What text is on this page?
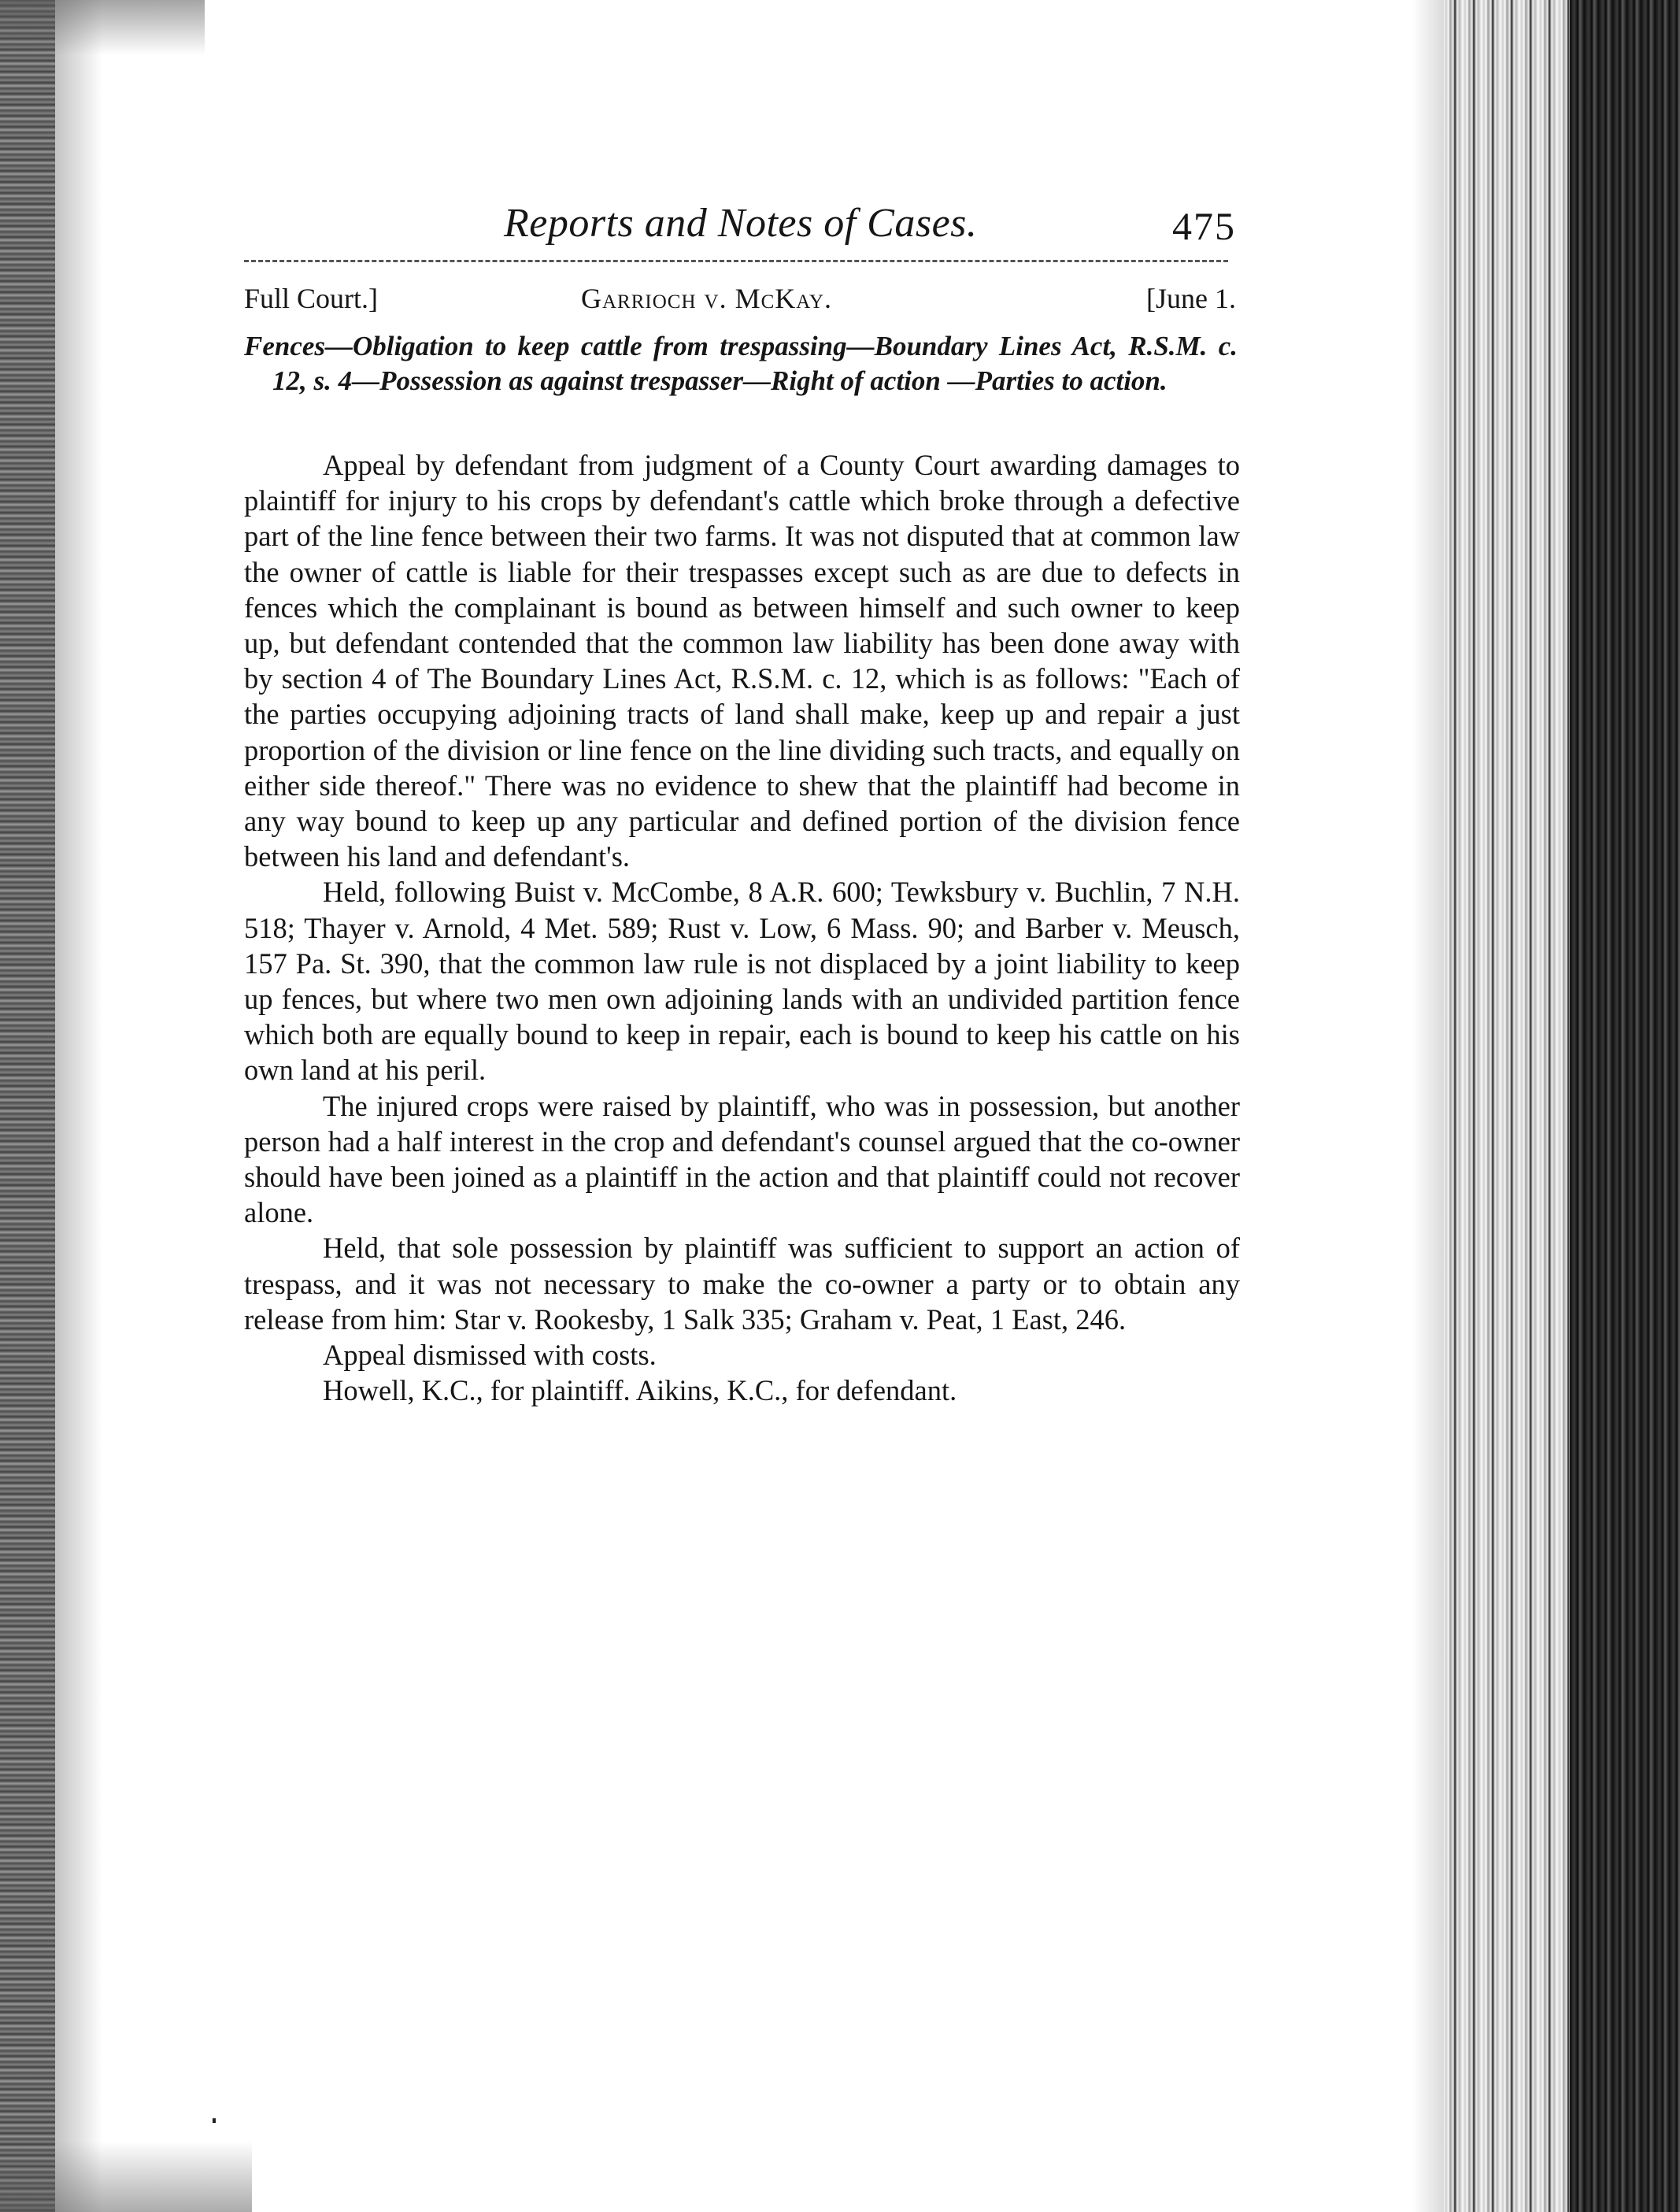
Reports and Notes of Cases.	475
Full Court.]	Garrioch v. McKay.	[June 1.
Fences—Obligation to keep cattle from trespassing—Boundary Lines Act, R.S.M. c. 12, s. 4—Possession as against trespasser—Right of action —Parties to action.

Appeal by defendant from judgment of a County Court awarding damages to plaintiff for injury to his crops by defendant's cattle which broke through a defective part of the line fence between their two farms. It was not disputed that at common law the owner of cattle is liable for their trespasses except such as are due to defects in fences which the complainant is bound as between himself and such owner to keep up, but defendant contended that the common law liability has been done away with by section 4 of The Boundary Lines Act, R.S.M. c. 12, which is as follows: "Each of the parties occupying adjoining tracts of land shall make, keep up and repair a just proportion of the division or line fence on the line dividing such tracts, and equally on either side thereof." There was no evidence to shew that the plaintiff had become in any way bound to keep up any particular and defined portion of the division fence between his land and defendant's.

Held, following Buist v. McCombe, 8 A.R. 600; Tewksbury v. Buchlin, 7 N.H. 518; Thayer v. Arnold, 4 Met. 589; Rust v. Low, 6 Mass. 90; and Barber v. Meusch, 157 Pa. St. 390, that the common law rule is not displaced by a joint liability to keep up fences, but where two men own adjoining lands with an undivided partition fence which both are equally bound to keep in repair, each is bound to keep his cattle on his own land at his peril.

The injured crops were raised by plaintiff, who was in possession, but another person had a half interest in the crop and defendant's counsel argued that the co-owner should have been joined as a plaintiff in the action and that plaintiff could not recover alone.

Held, that sole possession by plaintiff was sufficient to support an action of trespass, and it was not necessary to make the co-owner a party or to obtain any release from him: Star v. Rookesby, 1 Salk 335; Graham v. Peat, 1 East, 246.

Appeal dismissed with costs.

Howell, K.C., for plaintiff. Aikins, K.C., for defendant.
